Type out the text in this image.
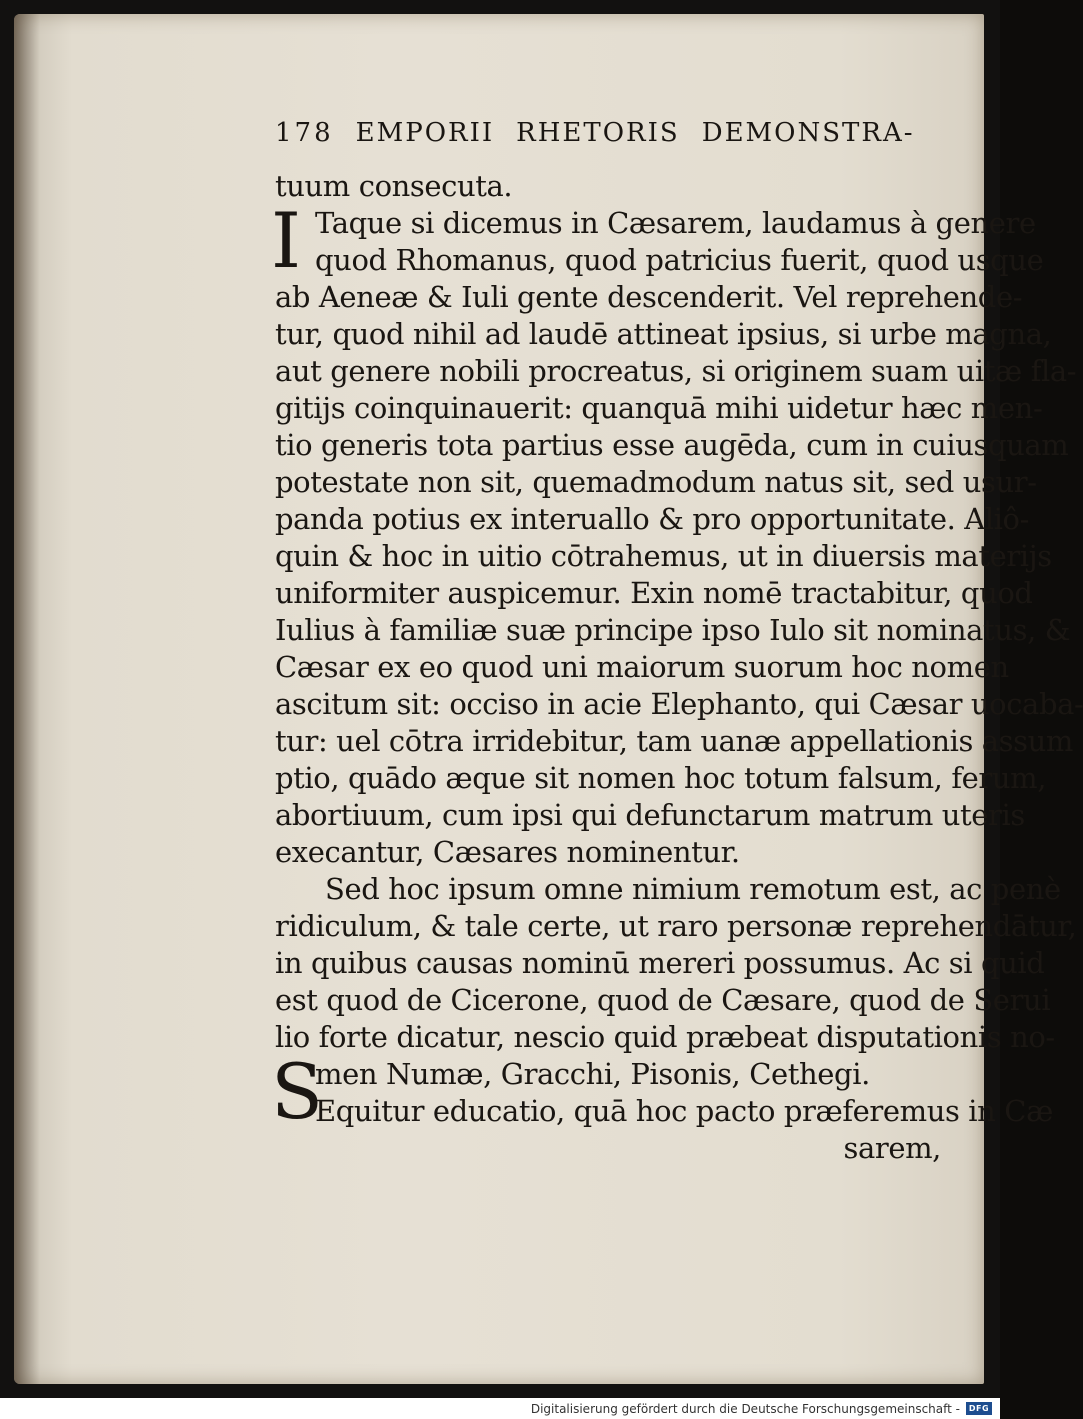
178 EMPORII RHETORIS DEMONSTRA-
tuum consecuta.
I Taque si dicemus in Cæsarem, laudamus à genere
quod Rhomanus, quod patricius fuerit, quod usque
ab Aeneæ & Iuli gente descenderit. Vel reprehende-
tur, quod nihil ad laudē attineat ipsius, si urbe magna,
aut genere nobili procreatus, si originem suam uitæ fla-
gitijs coinquinauerit: quanquā mihi uidetur hæc men-
tio generis tota partius esse augēda, cum in cuiusquam
potestate non sit, quemadmodum natus sit, sed usur-
panda potius ex interuallo & pro opportunitate. Aliô-
quin & hoc in uitio cōtrahemus, ut in diuersis materijs
uniformiter auspicemur. Exin nomē tractabitur, quod
Iulius à familiæ suæ principe ipso Iulo sit nominatus, &
Cæsar ex eo quod uni maiorum suorum hoc nomen
ascitum sit: occiso in acie Elephanto, qui Cæsar uocaba-
tur: uel cōtra irridebitur, tam uanæ appellationis assum
ptio, quādo æque sit nomen hoc totum falsum, ferum,
abortiuum, cum ipsi qui defunctarum matrum uteris
execantur, Cæsares nominentur.
Sed hoc ipsum omne nimium remotum est, ac penè
ridiculum, & tale certe, ut raro personæ reprehendātur,
in quibus causas nominū mereri possumus. Ac si quid
est quod de Cicerone, quod de Cæsare, quod de Serui
lio forte dicatur, nescio quid præbeat disputationis no-
S
men Numæ, Gracchi, Pisonis, Cethegi.
Equitur educatio, quā hoc pacto præferemus in Cæ
sarem,
Digitalisierung gefördert durch die Deutsche Forschungsgemeinschaft -	DFG
